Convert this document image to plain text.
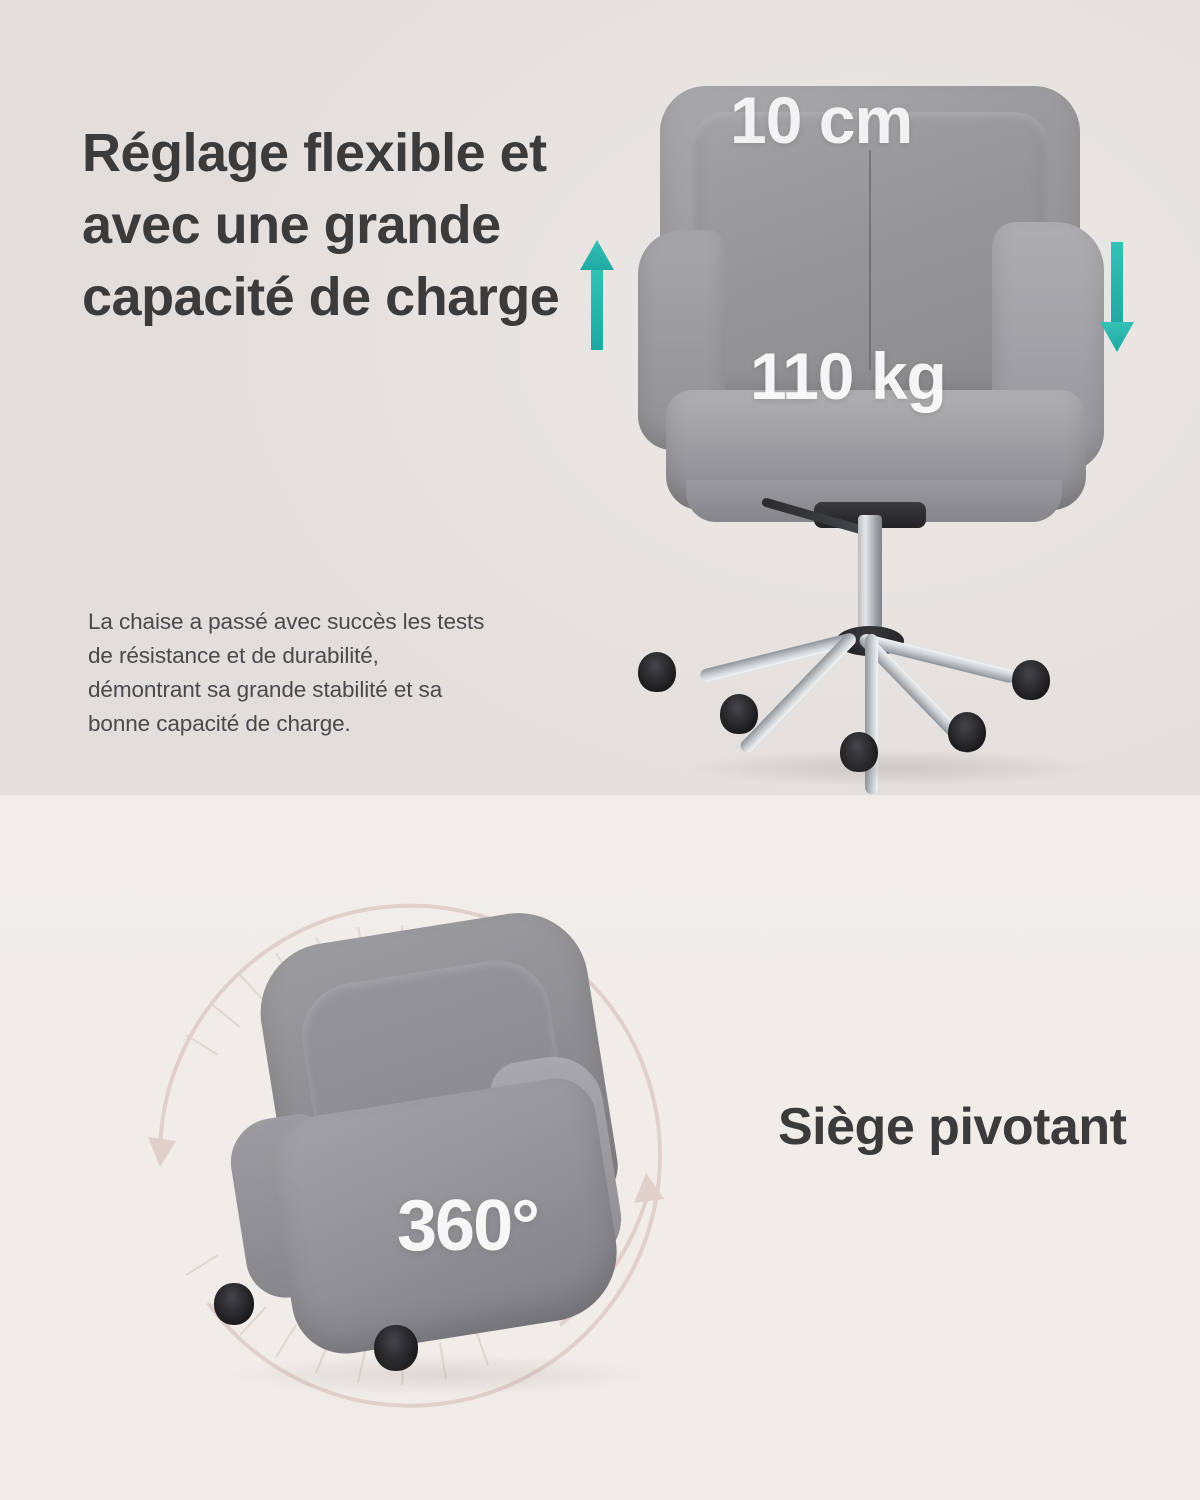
Réglage flexible et avec une grande capacité de charge

La chaise a passé avec succès les tests de résistance et de durabilité, démontrant sa grande stabilité et sa bonne capacité de charge.

10 cm
110 kg
360°
Siège pivotant
